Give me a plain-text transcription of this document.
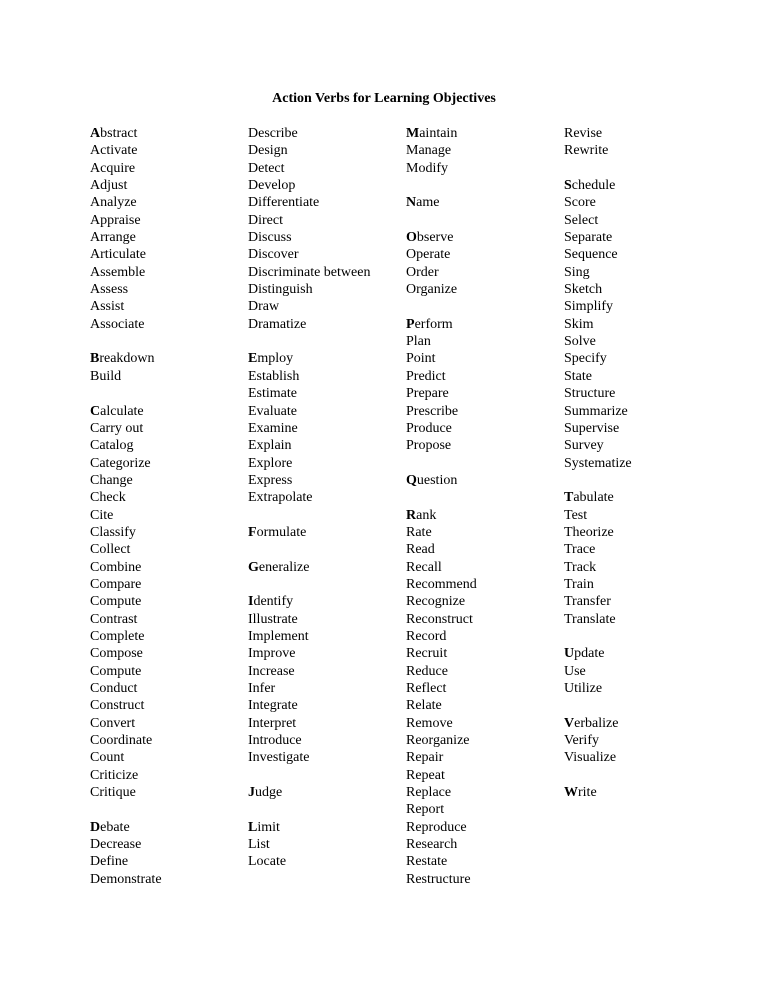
Action Verbs for Learning Objectives
Abstract
Activate
Acquire
Adjust
Analyze
Appraise
Arrange
Articulate
Assemble
Assess
Assist
Associate
Breakdown
Build
Calculate
Carry out
Catalog
Categorize
Change
Check
Cite
Classify
Collect
Combine
Compare
Compute
Contrast
Complete
Compose
Compute
Conduct
Construct
Convert
Coordinate
Count
Criticize
Critique
Debate
Decrease
Define
Demonstrate
Describe
Design
Detect
Develop
Differentiate
Direct
Discuss
Discover
Discriminate between
Distinguish
Draw
Dramatize
Employ
Establish
Estimate
Evaluate
Examine
Explain
Explore
Express
Extrapolate
Formulate
Generalize
Identify
Illustrate
Implement
Improve
Increase
Infer
Integrate
Interpret
Introduce
Investigate
Judge
Limit
List
Locate
Maintain
Manage
Modify
Name
Observe
Operate
Order
Organize
Perform
Plan
Point
Predict
Prepare
Prescribe
Produce
Propose
Question
Rank
Rate
Read
Recall
Recommend
Recognize
Reconstruct
Record
Recruit
Reduce
Reflect
Relate
Remove
Reorganize
Repair
Repeat
Replace
Report
Reproduce
Research
Restate
Restructure
Revise
Rewrite
Schedule
Score
Select
Separate
Sequence
Sing
Sketch
Simplify
Skim
Solve
Specify
State
Structure
Summarize
Supervise
Survey
Systematize
Tabulate
Test
Theorize
Trace
Track
Train
Transfer
Translate
Update
Use
Utilize
Verbalize
Verify
Visualize
Write
